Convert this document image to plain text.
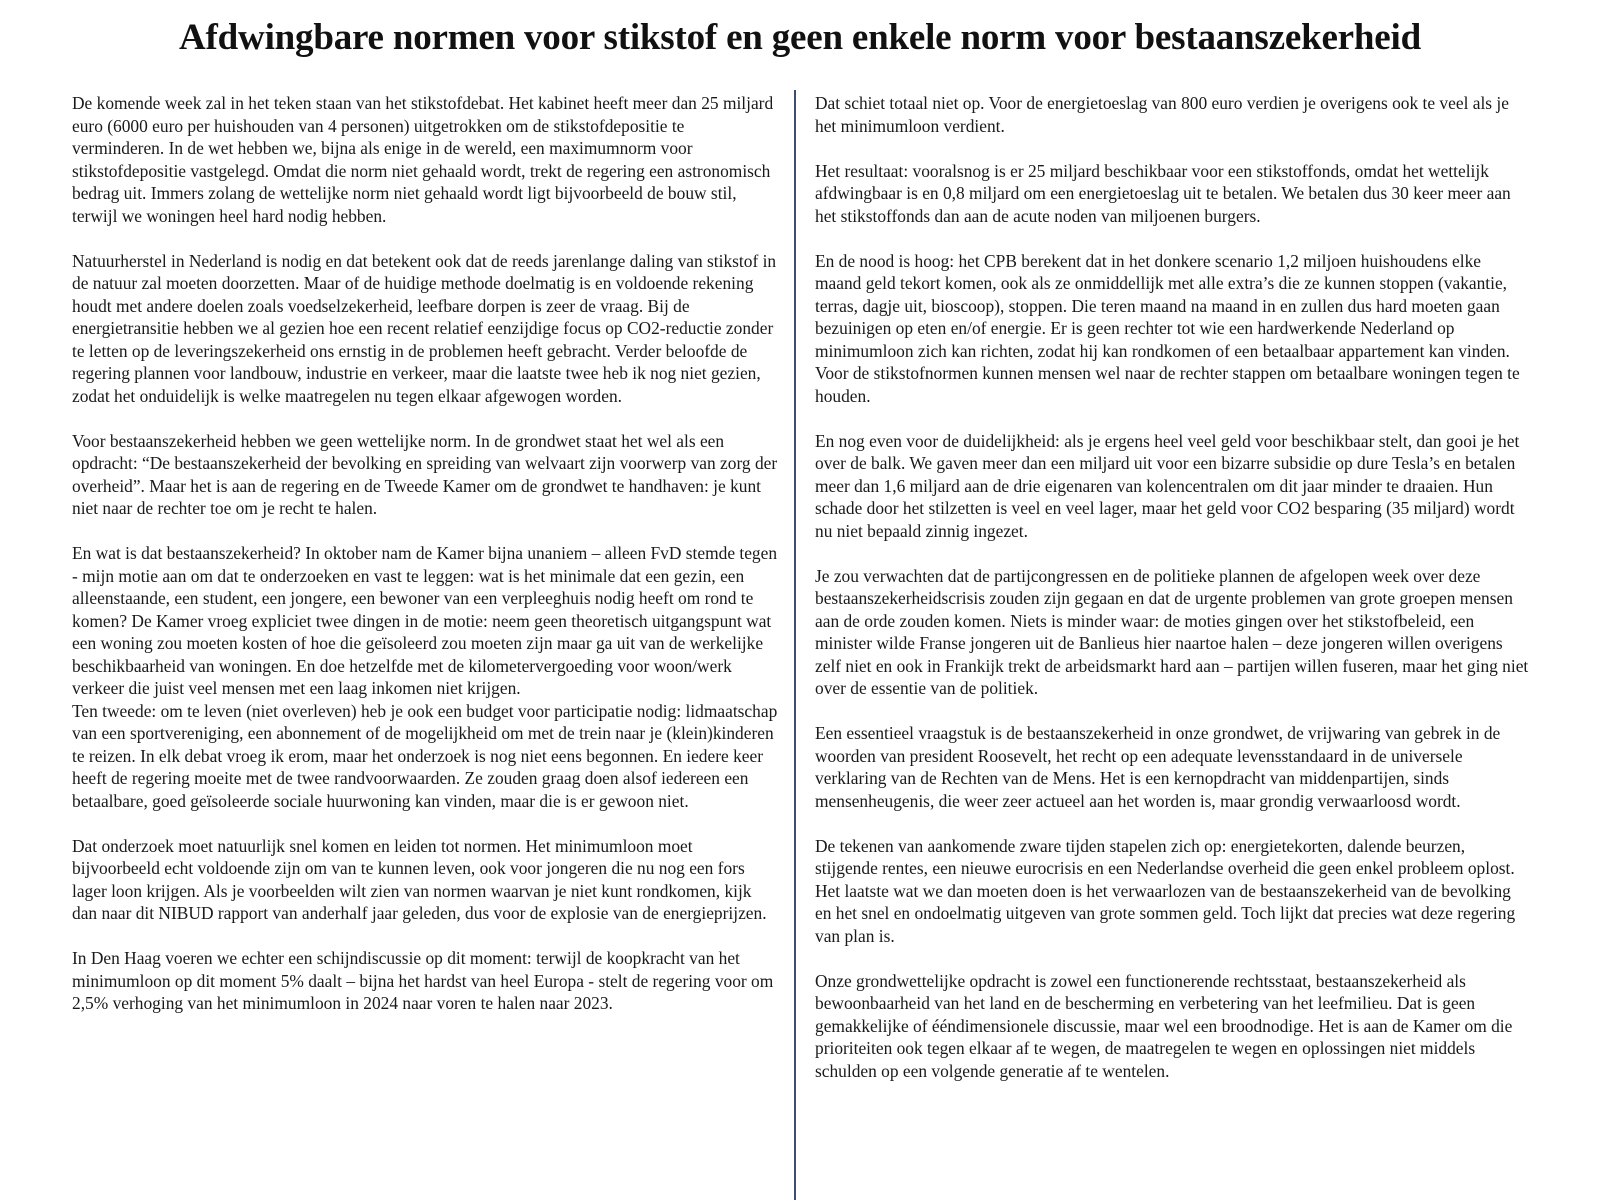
Afdwingbare normen voor stikstof en geen enkele norm voor bestaanszekerheid

De komende week zal in het teken staan van het stikstofdebat. Het kabinet heeft meer dan 25 miljard euro (6000 euro per huishouden van 4 personen) uitgetrokken om de stikstofdepositie te verminderen. In de wet hebben we, bijna als enige in de wereld, een maximumnorm voor stikstofdepositie vastgelegd. Omdat die norm niet gehaald wordt, trekt de regering een astronomisch bedrag uit. Immers zolang de wettelijke norm niet gehaald wordt ligt bijvoorbeeld de bouw stil, terwijl we woningen heel hard nodig hebben.

Natuurherstel in Nederland is nodig en dat betekent ook dat de reeds jarenlange daling van stikstof in de natuur zal moeten doorzetten. Maar of de huidige methode doelmatig is en voldoende rekening houdt met andere doelen zoals voedselzekerheid, leefbare dorpen is zeer de vraag. Bij de energietransitie hebben we al gezien hoe een recent relatief eenzijdige focus op CO2-reductie zonder te letten op de leveringszekerheid ons ernstig in de problemen heeft gebracht. Verder beloofde de regering plannen voor landbouw, industrie en verkeer, maar die laatste twee heb ik nog niet gezien, zodat het onduidelijk is welke maatregelen nu tegen elkaar afgewogen worden.

Voor bestaanszekerheid hebben we geen wettelijke norm. In de grondwet staat het wel als een opdracht: “De bestaanszekerheid der bevolking en spreiding van welvaart zijn voorwerp van zorg der overheid”. Maar het is aan de regering en de Tweede Kamer om de grondwet te handhaven: je kunt niet naar de rechter toe om je recht te halen.

En wat is dat bestaanszekerheid? In oktober nam de Kamer bijna unaniem – alleen FvD stemde tegen - mijn motie aan om dat te onderzoeken en vast te leggen: wat is het minimale dat een gezin, een alleenstaande, een student, een jongere, een bewoner van een verpleeghuis nodig heeft om rond te komen? De Kamer vroeg expliciet twee dingen in de motie: neem geen theoretisch uitgangspunt wat een woning zou moeten kosten of hoe die geïsoleerd zou moeten zijn maar ga uit van de werkelijke beschikbaarheid van woningen. En doe hetzelfde met de kilometervergoeding voor woon/werk verkeer die juist veel mensen met een laag inkomen niet krijgen.

Ten tweede: om te leven (niet overleven) heb je ook een budget voor participatie nodig: lidmaatschap van een sportvereniging, een abonnement of de mogelijkheid om met de trein naar je (klein)kinderen te reizen. In elk debat vroeg ik erom, maar het onderzoek is nog niet eens begonnen. En iedere keer heeft de regering moeite met de twee randvoorwaarden. Ze zouden graag doen alsof iedereen een betaalbare, goed geïsoleerde sociale huurwoning kan vinden, maar die is er gewoon niet.

Dat onderzoek moet natuurlijk snel komen en leiden tot normen. Het minimumloon moet bijvoorbeeld echt voldoende zijn om van te kunnen leven, ook voor jongeren die nu nog een fors lager loon krijgen. Als je voorbeelden wilt zien van normen waarvan je niet kunt rondkomen, kijk dan naar dit NIBUD rapport van anderhalf jaar geleden, dus voor de explosie van de energieprijzen.

In Den Haag voeren we echter een schijndiscussie op dit moment: terwijl de koopkracht van het minimumloon op dit moment 5% daalt – bijna het hardst van heel Europa - stelt de regering voor om 2,5% verhoging van het minimumloon in 2024 naar voren te halen naar 2023.

Dat schiet totaal niet op. Voor de energietoeslag van 800 euro verdien je overigens ook te veel als je het minimumloon verdient.

Het resultaat: vooralsnog is er 25 miljard beschikbaar voor een stikstoffonds, omdat het wettelijk afdwingbaar is en 0,8 miljard om een energietoeslag uit te betalen. We betalen dus 30 keer meer aan het stikstoffonds dan aan de acute noden van miljoenen burgers.

En de nood is hoog: het CPB berekent dat in het donkere scenario 1,2 miljoen huishoudens elke maand geld tekort komen, ook als ze onmiddellijk met alle extra’s die ze kunnen stoppen (vakantie, terras, dagje uit, bioscoop), stoppen. Die teren maand na maand in en zullen dus hard moeten gaan bezuinigen op eten en/of energie. Er is geen rechter tot wie een hardwerkende Nederland op minimumloon zich kan richten, zodat hij kan rondkomen of een betaalbaar appartement kan vinden. Voor de stikstofnormen kunnen mensen wel naar de rechter stappen om betaalbare woningen tegen te houden.

En nog even voor de duidelijkheid: als je ergens heel veel geld voor beschikbaar stelt, dan gooi je het over de balk. We gaven meer dan een miljard uit voor een bizarre subsidie op dure Tesla’s en betalen meer dan 1,6 miljard aan de drie eigenaren van kolencentralen om dit jaar minder te draaien. Hun schade door het stilzetten is veel en veel lager, maar het geld voor CO2 besparing (35 miljard) wordt nu niet bepaald zinnig ingezet.

Je zou verwachten dat de partijcongressen en de politieke plannen de afgelopen week over deze bestaanszekerheidscrisis zouden zijn gegaan en dat de urgente problemen van grote groepen mensen aan de orde zouden komen. Niets is minder waar: de moties gingen over het stikstofbeleid, een minister wilde Franse jongeren uit de Banlieus hier naartoe halen – deze jongeren willen overigens zelf niet en ook in Frankijk trekt de arbeidsmarkt hard aan – partijen willen fuseren, maar het ging niet over de essentie van de politiek.

Een essentieel vraagstuk is de bestaanszekerheid in onze grondwet, de vrijwaring van gebrek in de woorden van president Roosevelt, het recht op een adequate levensstandaard in de universele verklaring van de Rechten van de Mens. Het is een kernopdracht van middenpartijen, sinds mensenheugenis, die weer zeer actueel aan het worden is, maar grondig verwaarloosd wordt.

De tekenen van aankomende zware tijden stapelen zich op: energietekorten, dalende beurzen, stijgende rentes, een nieuwe eurocrisis en een Nederlandse overheid die geen enkel probleem oplost. Het laatste wat we dan moeten doen is het verwaarlozen van de bestaanszekerheid van de bevolking en het snel en ondoelmatig uitgeven van grote sommen geld. Toch lijkt dat precies wat deze regering van plan is.

Onze grondwettelijke opdracht is zowel een functionerende rechtsstaat, bestaanszekerheid als bewoonbaarheid van het land en de bescherming en verbetering van het leefmilieu. Dat is geen gemakkelijke of ééndimensionele discussie, maar wel een broodnodige. Het is aan de Kamer om die prioriteiten ook tegen elkaar af te wegen, de maatregelen te wegen en oplossingen niet middels schulden op een volgende generatie af te wentelen.
